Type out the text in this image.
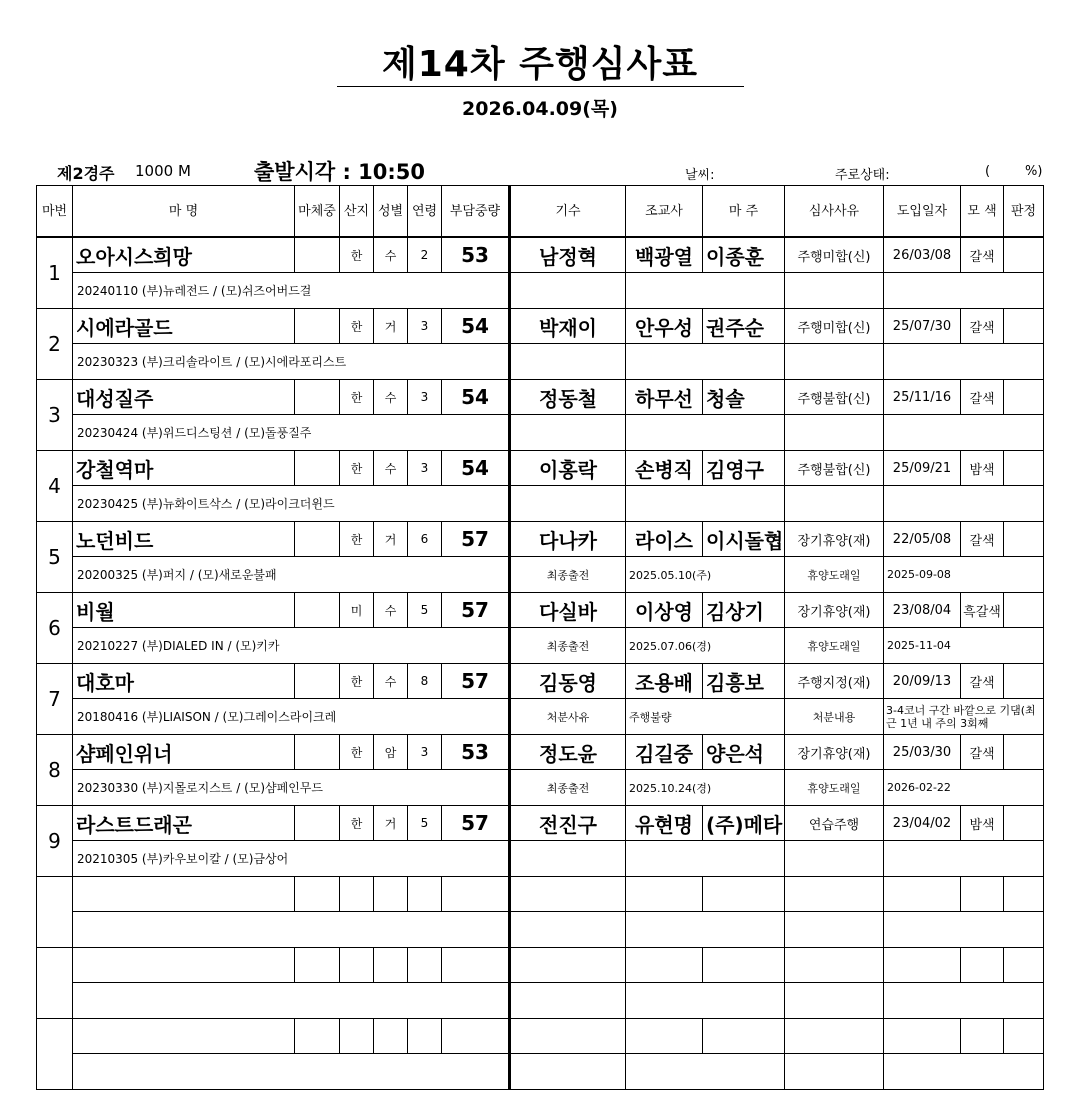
제14차 주행심사표
2026.04.09(목)
제2경주 1000 M	출발시각 : 10:50	날씨:	주로상태:	(	%)
마번	마 명	마체중	산지	성별	연령	부담중량	기수	조교사	마 주	심사사유	도입일자	모 색	판정
1	오아시스희망		한	수	2	53	남정혁	백광열	이종훈	주행미합(신)	26/03/08	갈색	
	20240110 (부)뉴레전드 / (모)쉬즈어버드걸												
2	시에라골드		한	거	3	54	박재이	안우성	권주순	주행미합(신)	25/07/30	갈색	
	20230323 (부)크리솔라이트 / (모)시에라포리스트												
3	대성질주		한	수	3	54	정동철	하무선	청솔	주행불합(신)	25/11/16	갈색	
	20230424 (부)위드디스팅션 / (모)돌풍질주												
4	강철역마		한	수	3	54	이홍락	손병직	김영구	주행불합(신)	25/09/21	밤색	
	20230425 (부)뉴화이트삭스 / (모)라이크더윈드												
5	노던비드		한	거	6	57	다나카	라이스	이시돌협	장기휴양(재)	22/05/08	갈색	
	20200325 (부)퍼지 / (모)새로운불패						최종출전	2025.05.10(주)		휴양도래일	2025-09-08		
6	비월		미	수	5	57	다실바	이상영	김상기	장기휴양(재)	23/08/04	흑갈색	
	20210227 (부)DIALED IN / (모)키카						최종출전	2025.07.06(경)		휴양도래일	2025-11-04		
7	대호마		한	수	8	57	김동영	조용배	김흥보	주행지정(재)	20/09/13	갈색	
	20180416 (부)LIAISON / (모)그레이스라이크레						처분사유	주행불량		처분내용	3-4코너 구간 바깥으로 기댐(최근 1년 내 주의 3회째		
8	샴페인위너		한	암	3	53	정도윤	김길중	양은석	장기휴양(재)	25/03/30	갈색	
	20230330 (부)지몰로지스트 / (모)샴페인무드						최종출전	2025.10.24(경)		휴양도래일	2026-02-22		
9	라스트드래곤		한	거	5	57	전진구	유현명	(주)메타	연습주행	23/04/02	밤색	
	20210305 (부)카우보이칼 / (모)금상어												
